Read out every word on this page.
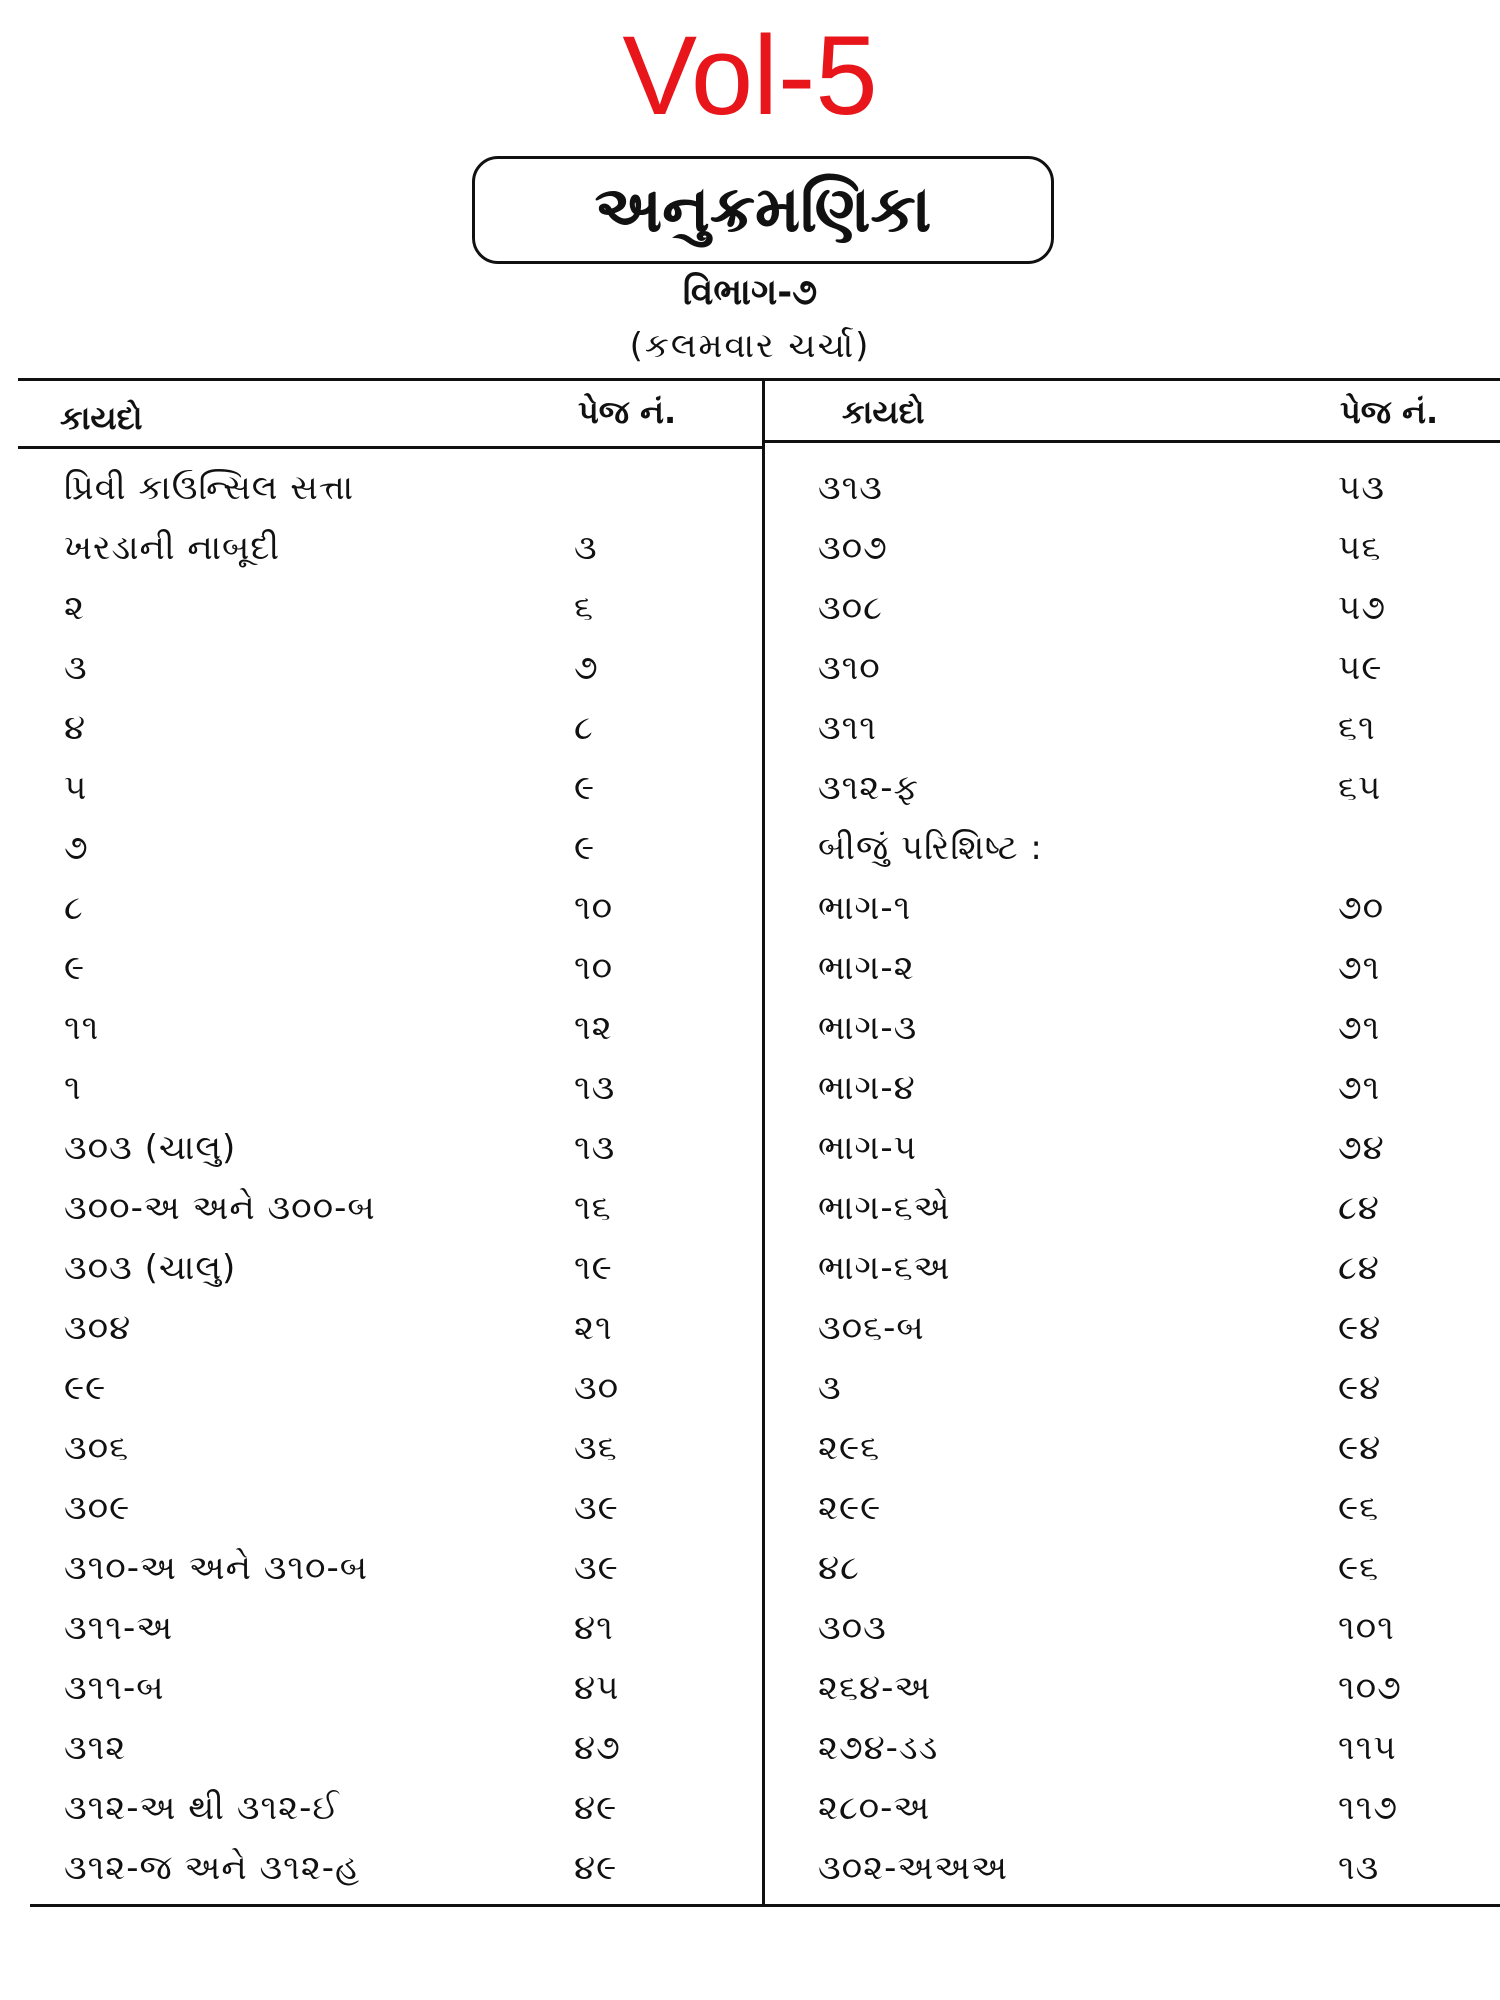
Vol-5
અનુક્રમણિકા
વિભાગ-૭
(કલમવાર ચર્ચા)
કાયદો	પેજ નં.	કાયદો	પેજ નં.
પ્રિવી કાઉન્સિલ સત્તા
ખરડાની નાબૂદી	૩
૨	૬
૩	૭
૪	૮
૫	૯
૭	૯
૮	૧૦
૯	૧૦
૧૧	૧૨
૧	૧૩
૩૦૩ (ચાલુ)	૧૩
૩૦૦-અ અને ૩૦૦-બ	૧૬
૩૦૩ (ચાલુ)	૧૯
૩૦૪	૨૧
૯૯	૩૦
૩૦૬	૩૬
૩૦૯	૩૯
૩૧૦-અ અને ૩૧૦-બ	૩૯
૩૧૧-અ	૪૧
૩૧૧-બ	૪૫
૩૧૨	૪૭
૩૧૨-અ થી ૩૧૨-ઈ	૪૯
૩૧૨-જ અને ૩૧૨-હ	૪૯
૩૧૩	૫૩
૩૦૭	૫૬
૩૦૮	૫૭
૩૧૦	૫૯
૩૧૧	૬૧
૩૧૨-ફ	૬૫
બીજું પરિશિષ્ટ :
ભાગ-૧	૭૦
ભાગ-૨	૭૧
ભાગ-૩	૭૧
ભાગ-૪	૭૧
ભાગ-૫	૭૪
ભાગ-૬એ	૮૪
ભાગ-૬અ	૮૪
૩૦૬-બ	૯૪
૩	૯૪
૨૯૬	૯૪
૨૯૯	૯૬
૪૮	૯૬
૩૦૩	૧૦૧
૨૬૪-અ	૧૦૭
૨૭૪-ડડ	૧૧૫
૨૮૦-અ	૧૧૭
૩૦૨-અઅઅ	૧૩
